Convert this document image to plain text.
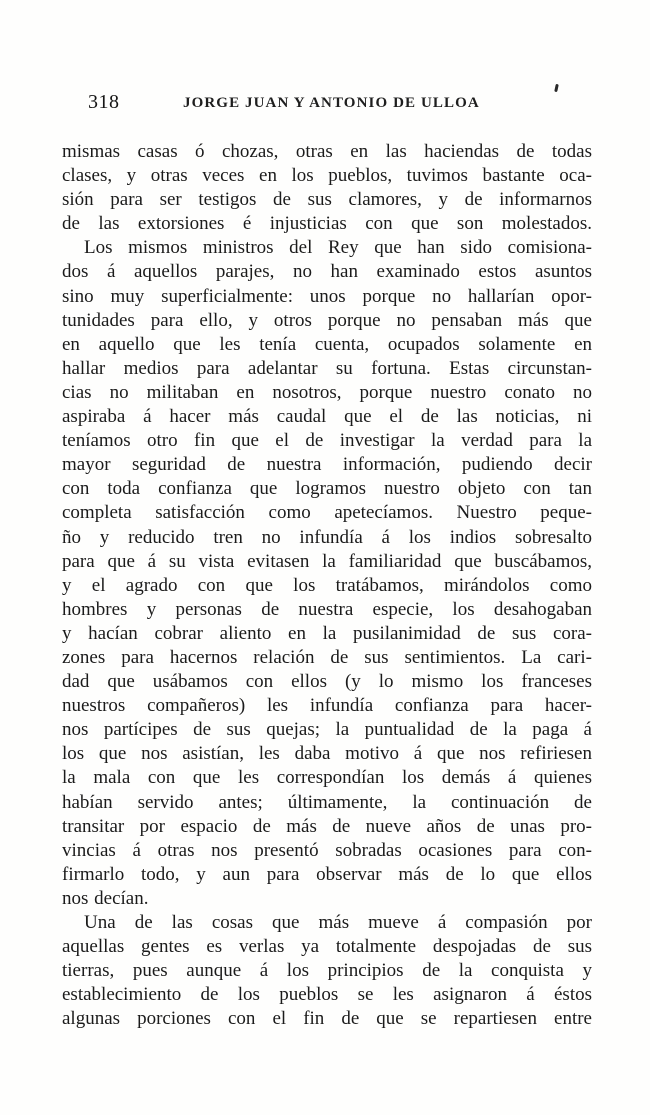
318	JORGE JUAN Y ANTONIO DE ULLOA
mismas casas ó chozas, otras en las haciendas de todas
clases, y otras veces en los pueblos, tuvimos bastante oca-
sión para ser testigos de sus clamores, y de informarnos
de las extorsiones é injusticias con que son molestados.
Los mismos ministros del Rey que han sido comisiona-
dos á aquellos parajes, no han examinado estos asuntos
sino muy superficialmente: unos porque no hallarían opor-
tunidades para ello, y otros porque no pensaban más que
en aquello que les tenía cuenta, ocupados solamente en
hallar medios para adelantar su fortuna. Estas circunstan-
cias no militaban en nosotros, porque nuestro conato no
aspiraba á hacer más caudal que el de las noticias, ni
teníamos otro fin que el de investigar la verdad para la
mayor seguridad de nuestra información, pudiendo decir
con toda confianza que logramos nuestro objeto con tan
completa satisfacción como apetecíamos. Nuestro peque-
ño y reducido tren no infundía á los indios sobresalto
para que á su vista evitasen la familiaridad que buscábamos,
y el agrado con que los tratábamos, mirándolos como
hombres y personas de nuestra especie, los desahogaban
y hacían cobrar aliento en la pusilanimidad de sus cora-
zones para hacernos relación de sus sentimientos. La cari-
dad que usábamos con ellos (y lo mismo los franceses
nuestros compañeros) les infundía confianza para hacer-
nos partícipes de sus quejas; la puntualidad de la paga á
los que nos asistían, les daba motivo á que nos refiriesen
la mala con que les correspondían los demás á quienes
habían servido antes; últimamente, la continuación de
transitar por espacio de más de nueve años de unas pro-
vincias á otras nos presentó sobradas ocasiones para con-
firmarlo todo, y aun para observar más de lo que ellos
nos decían.
Una de las cosas que más mueve á compasión por
aquellas gentes es verlas ya totalmente despojadas de sus
tierras, pues aunque á los principios de la conquista y
establecimiento de los pueblos se les asignaron á éstos
algunas porciones con el fin de que se repartiesen entre
